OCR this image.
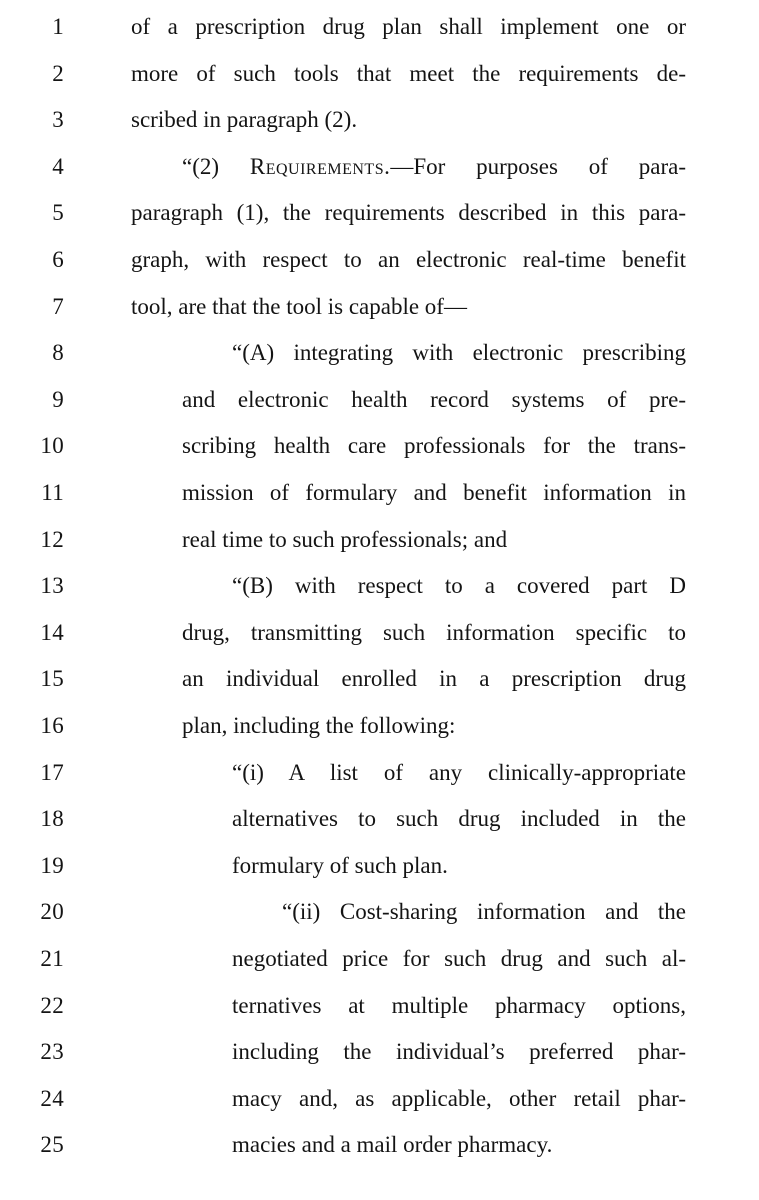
1	of a prescription drug plan shall implement one or
2	more of such tools that meet the requirements de-
3	scribed in paragraph (2).
4	“(2) Requirements.—For purposes of para-
5	paragraph (1), the requirements described in this para-
6	graph, with respect to an electronic real-time benefit
7	tool, are that the tool is capable of—
8	“(A) integrating with electronic prescribing
9	and electronic health record systems of pre-
10	scribing health care professionals for the trans-
11	mission of formulary and benefit information in
12	real time to such professionals; and
13	“(B) with respect to a covered part D
14	drug, transmitting such information specific to
15	an individual enrolled in a prescription drug
16	plan, including the following:
17	“(i) A list of any clinically-appropriate
18	alternatives to such drug included in the
19	formulary of such plan.
20	“(ii) Cost-sharing information and the
21	negotiated price for such drug and such al-
22	ternatives at multiple pharmacy options,
23	including the individual’s preferred phar-
24	macy and, as applicable, other retail phar-
25	macies and a mail order pharmacy.
